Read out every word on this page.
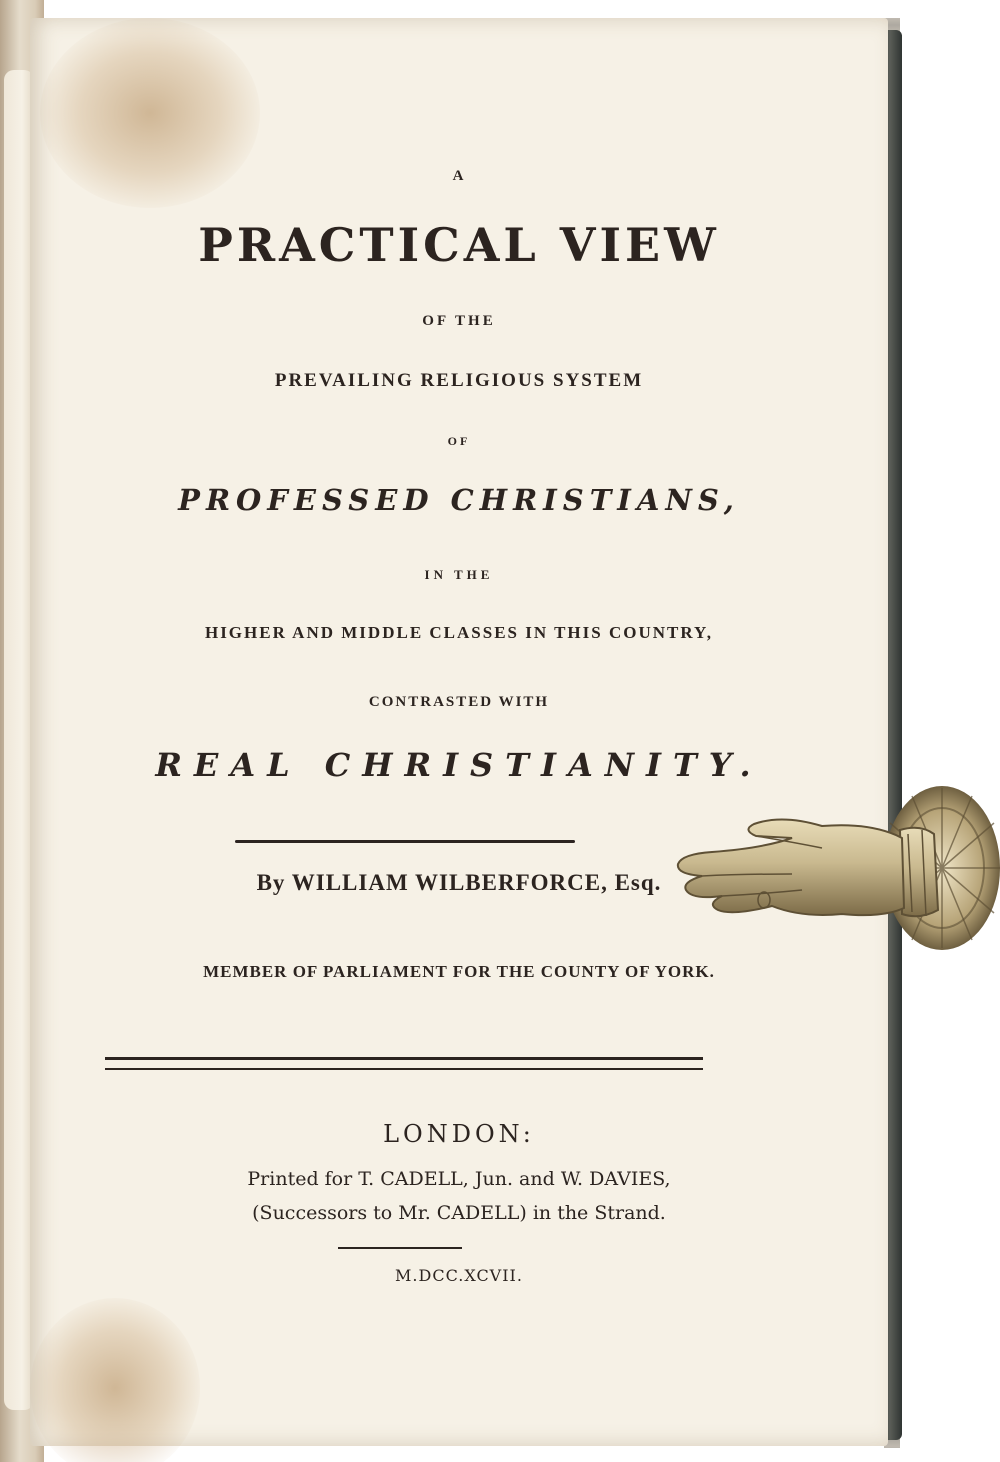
A

PRACTICAL VIEW

OF THE

PREVAILING RELIGIOUS SYSTEM

OF

PROFESSED CHRISTIANS,

IN THE

HIGHER AND MIDDLE CLASSES IN THIS COUNTRY,

CONTRASTED WITH

REAL CHRISTIANITY.

By WILLIAM WILBERFORCE, Esq.

MEMBER OF PARLIAMENT FOR THE COUNTY OF YORK.

LONDON:

Printed for T. CADELL, Jun. and W. DAVIES,

(Successors to Mr. CADELL) in the Strand.

M.DCC.XCVII.
